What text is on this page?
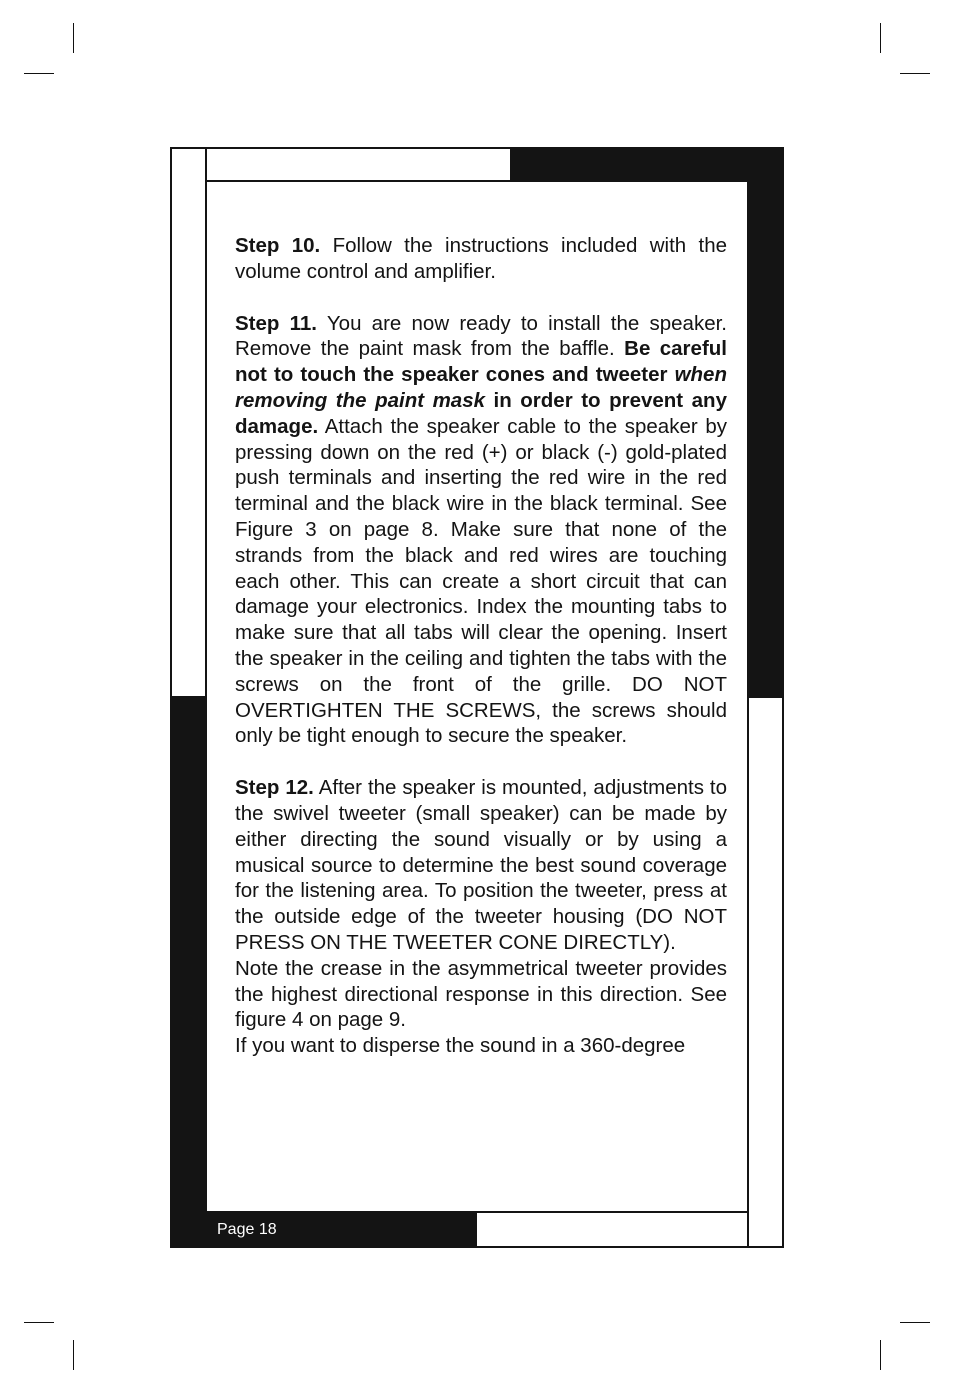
Step 10. Follow the instructions included with the volume control and amplifier.

Step 11. You are now ready to install the speaker. Remove the paint mask from the baffle. Be careful not to touch the speaker cones and tweeter when removing the paint mask in order to prevent any damage. Attach the speaker cable to the speaker by pressing down on the red (+) or black (-) gold-plated push terminals and inserting the red wire in the red terminal and the black wire in the black terminal. See Figure 3 on page 8. Make sure that none of the strands from the black and red wires are touching each other. This can create a short circuit that can damage your electronics. Index the mounting tabs to make sure that all tabs will clear the opening. Insert the speaker in the ceiling and tighten the tabs with the screws on the front of the grille. DO NOT OVERTIGHTEN THE SCREWS, the screws should only be tight enough to secure the speaker.

Step 12. After the speaker is mounted, adjustments to the swivel tweeter (small speaker) can be made by either directing the sound visually or by using a musical source to determine the best sound coverage for the listening area. To position the tweeter, press at the outside edge of the tweeter housing (DO NOT PRESS ON THE TWEETER CONE DIRECTLY).

Note the crease in the asymmetrical tweeter provides the highest directional response in this direction. See figure 4 on page 9.

If you want to disperse the sound in a 360-degree

Page 18
